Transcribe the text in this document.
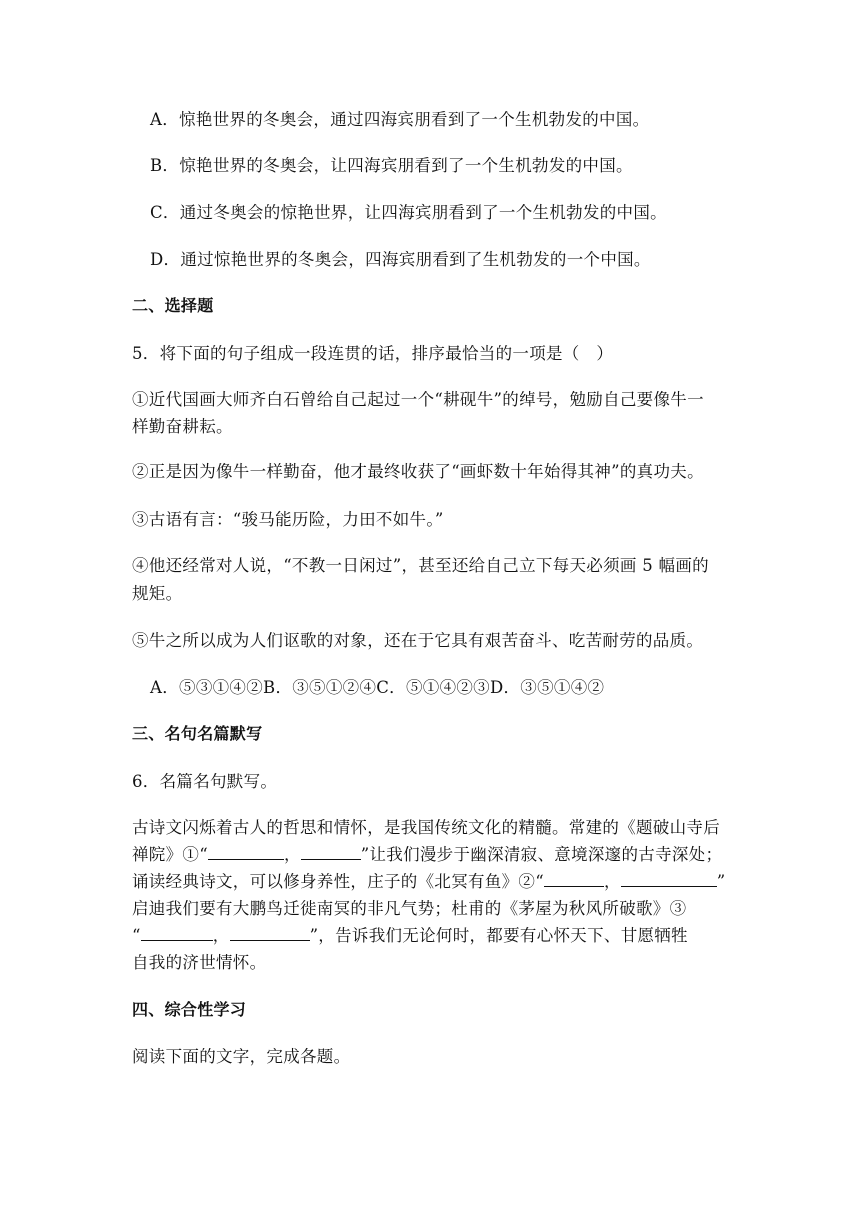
A．惊艳世界的冬奥会，通过四海宾朋看到了一个生机勃发的中国。
B．惊艳世界的冬奥会，让四海宾朋看到了一个生机勃发的中国。
C．通过冬奥会的惊艳世界，让四海宾朋看到了一个生机勃发的中国。
D．通过惊艳世界的冬奥会，四海宾朋看到了生机勃发的一个中国。
二、选择题
5．将下面的句子组成一段连贯的话，排序最恰当的一项是（　）
①近代国画大师齐白石曾给自己起过一个“耕砚牛”的绰号，勉励自己要像牛一
样勤奋耕耘。
②正是因为像牛一样勤奋，他才最终收获了“画虾数十年始得其神”的真功夫。
③古语有言：“骏马能历险，力田不如牛。”
④他还经常对人说，“不教一日闲过”，甚至还给自己立下每天必须画 5 幅画的
规矩。
⑤牛之所以成为人们讴歌的对象，还在于它具有艰苦奋斗、吃苦耐劳的品质。
A．⑤③①④②B．③⑤①②④C．⑤①④②③D．③⑤①④②
三、名句名篇默写
6．名篇名句默写。
古诗文闪烁着古人的哲思和情怀，是我国传统文化的精髓。常建的《题破山寺后
禅院》①“	，	”让我们漫步于幽深清寂、意境深邃的古寺深处；
诵读经典诗文，可以修身养性，庄子的《北冥有鱼》②“	，	”
启迪我们要有大鹏鸟迁徙南冥的非凡气势；杜甫的《茅屋为秋风所破歌》③
“	，	”，告诉我们无论何时，都要有心怀天下、甘愿牺牲
自我的济世情怀。
四、综合性学习
阅读下面的文字，完成各题。
